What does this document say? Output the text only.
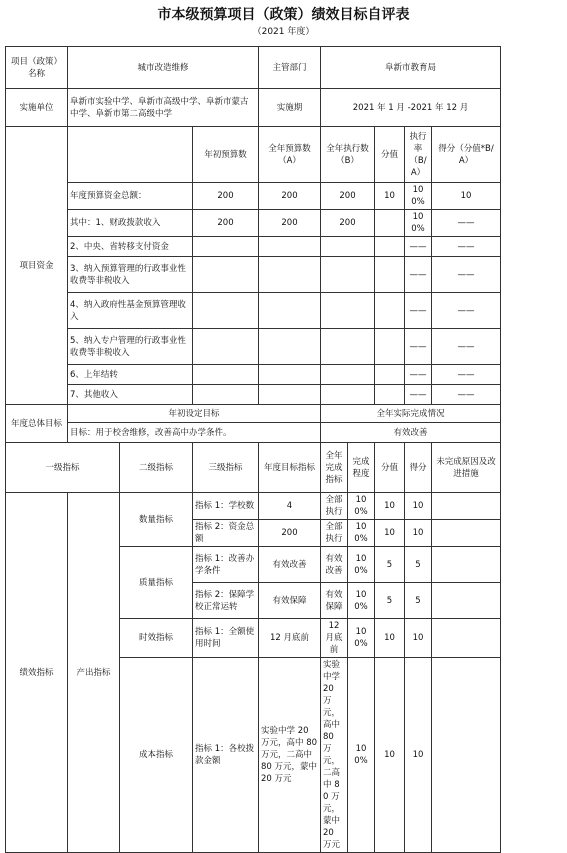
市本级预算项目（政策）绩效目标自评表
（2021 年度）
项目（政策）名称	城市改造维修			主管部门	阜新市教育局				
实施单位	阜新市实验中学、阜新市高级中学、阜新市蒙古中学、阜新市第二高级中学			实施期	2021 年 1 月 -2021 年 12 月				
项目资金			年初预算数	全年预算数（A）	全年执行数（B）		分值	执行率（B/A）	得分（分值*B/A）
	年度预算资金总额：		200	200	200		10	100%	10
	其中：1、财政拨款收入		200	200	200			100%	——
	2、中央、省转移支付资金							——	——
	3、纳入预算管理的行政事业性收费等非税收入							——	——
	4、纳入政府性基金预算管理收入							——	——
	5、纳入专户管理的行政事业性收费等非税收入							——	——
	6、上年结转							——	——
	7、其他收入							——	——
年度总体目标	年初设定目标				全年实际完成情况				
	目标：用于校舍维修，改善高中办学条件。				有效改善				
一级指标		二级指标	三级指标	年度目标指标	全年完成指标	完成程度	分值	得分	未完成原因及改进措施
绩效指标	产出指标	数量指标	指标 1：学校数	4	全部执行	100%	10	10	
			指标 2：资金总额	200	全部执行	100%	10	10	
		质量指标	指标 1：改善办学条件	有效改善	有效改善	100%	5	5	
			指标 2：保障学校正常运转	有效保障	有效保障	100%	5	5	
		时效指标	指标 1：全额使用时间	12 月底前	12 月底前	100%	10	10	
		成本指标	指标 1：各校拨款金额	实验中学 20 万元，高中 80 万元，二高中 80 万元，蒙中 20 万元	实验中学 20 万元，高中 80 万元，二高中 80 万元，蒙中 20 万元	100%	10	10	
